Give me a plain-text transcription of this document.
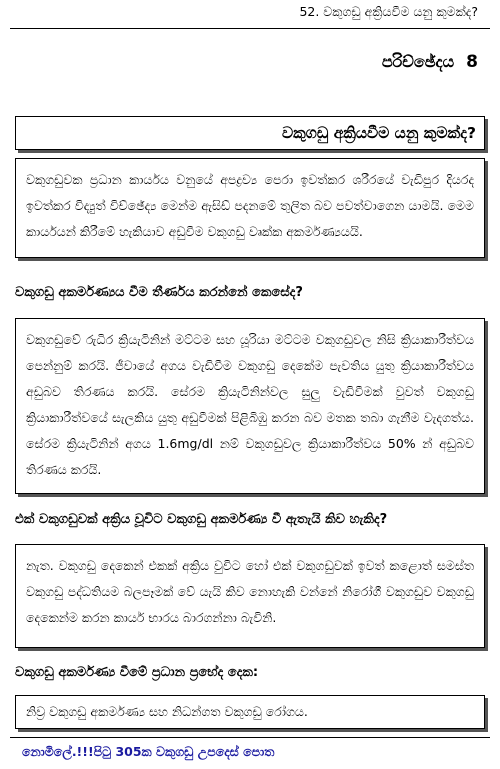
52. වකුගඩු අක්‍රියවීම යනු කුමක්ද?
පරිච්ඡේදය 8
වකුගඩු අක්‍රියවීම යනු කුමක්ද?

වකුගඩුවක ප්‍රධාන කාර්යය වනුයේ අපද්‍රව්‍ය පෙරා ඉවත්කර ශරීරයේ වැඩිපුර දියරද ඉවත්කර විද්‍යුත් විච්ඡේද්‍ය මෙන්ම ඇසිඩ් පදනමේ තුලිත බව පවත්වාගෙන යාමයි. මෙම කාර්යයන් කිරීමේ හැකියාව අඩුවීම වකුගඩු වෘක්ක අකර්මණ්‍යයයි.

වකුගඩු අකර්මණ්‍යය වීම තීර්ණය කරන්නේ කෙසේද?

වකුගඩුවේ රුධිර ක්‍රියැටිනින් මට්ටම සහ යූරියා මට්ටම වකුගඩුවල නිසි ක්‍රියාකාරීත්වය පෙන්නුම් කරයි. ජීවායේ අගය වැඩිවීම වකුගඩු දෙකේම පැවතිය යුතු ක්‍රියාකාරීත්වය අඩුබව තිරණය කරයි. සේරම ක්‍රියැටිනින්වල සුලු වැඩිවීමක් වුවත් වකුගඩු ක්‍රියාකාරීත්වයේ සැලකිය යුතු අඩුවීමක් පිළිබිඹු කරන බව මතක තබා ගැනීම වැදගත්ය. සේරම ක්‍රියැටිනින් අගය 1.6mg/dl නම් වකුගඩුවල ක්‍රියාකාරීත්වය 50% න් අඩුබව තිරණය කරයි.

එක් වකුගඩුවක් අක්‍රිය වූවිට වකුගඩු අකර්මණ්‍ය වී ඇතැයි කිව හැකිද?

නැත. වකුගඩු දෙකෙන් එකක් අක්‍රිය වුවිට හෝ එක් වකුගඩුවක් ඉවත් කළොත් සමස්ත වකුගඩු පද්ධතියම බලපෑමක් වේ යැයි කිව නොහැකි වන්නේ නිරෝගී වකුගඩුව වකුගඩු දෙකෙන්ම කරන කාර්ය භාරය බාරගන්නා බැවිනි.

වකුගඩු අකර්මණ්‍ය වීමේ ප්‍රධාන ප්‍රභේද දෙක:

නිව්‍ර වකුගඩු අකර්මණ්‍ය සහ නිධන්ගත වකුගඩු රෝගය.

නොමිලේ.!!!පිටු 305ක වකුගඩු උපදෙස් පොත
